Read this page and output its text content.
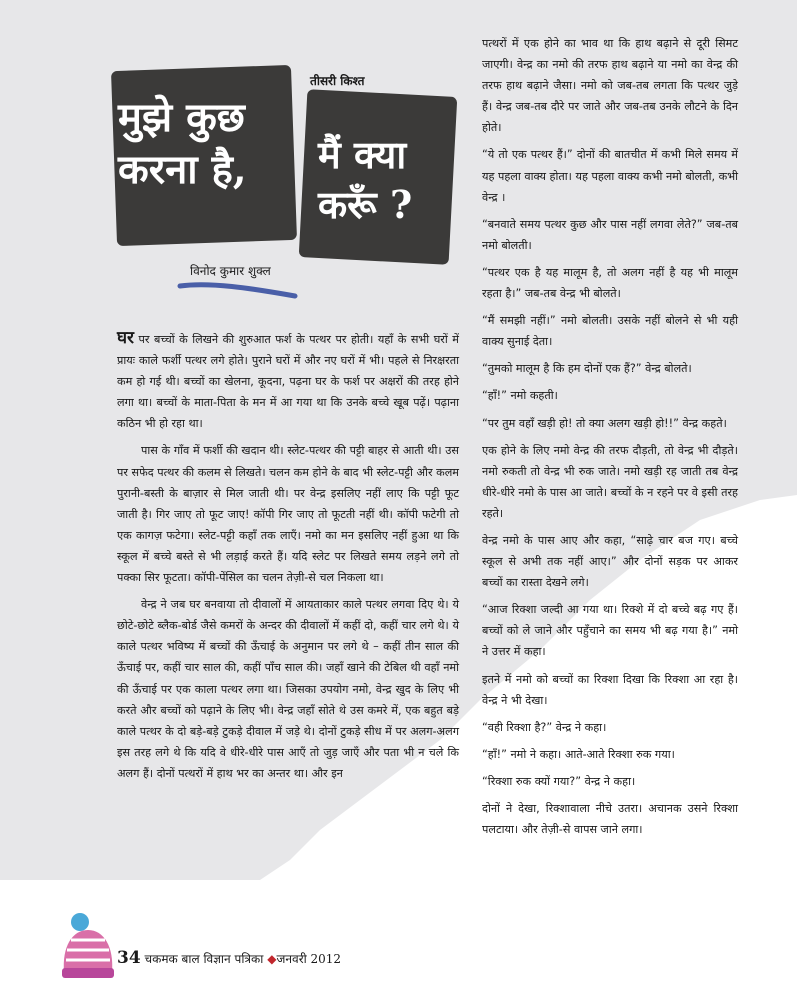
मुझे कुछ
करना है,	मैं क्या
करूँ ?
तीसरी किश्त
विनोद कुमार शुक्ल

घर पर बच्चों के लिखने की शुरुआत फर्श के पत्थर पर होती। यहाँ के सभी घरों में प्रायः काले फर्शी पत्थर लगे होते। पुराने घरों में और नए घरों में भी। पहले से निरक्षरता कम हो गई थी। बच्चों का खेलना, कूदना, पढ़ना घर के फर्श पर अक्षरों की तरह होने लगा था। बच्चों के माता-पिता के मन में आ गया था कि उनके बच्चे खूब पढ़ें। पढ़ाना कठिन भी हो रहा था।

पास के गाँव में फर्शी की खदान थी। स्लेट-पत्थर की पट्टी बाहर से आती थी। उस पर सफेद पत्थर की कलम से लिखते। चलन कम होने के बाद भी स्लेट-पट्टी और कलम पुरानी-बस्ती के बाज़ार से मिल जाती थी। पर वेन्द्र इसलिए नहीं लाए कि पट्टी फूट जाती है। गिर जाए तो फूट जाए! कॉपी गिर जाए तो फूटती नहीं थी। कॉपी फटेगी तो एक कागज़ फटेगा। स्लेट-पट्टी कहाँ तक लाएँ। नमो का मन इसलिए नहीं हुआ था कि स्कूल में बच्चे बस्ते से भी लड़ाई करते हैं। यदि स्लेट पर लिखते समय लड़ने लगे तो पक्का सिर फूटता। कॉपी-पेंसिल का चलन तेज़ी-से चल निकला था।

वेन्द्र ने जब घर बनवाया तो दीवालों में आयताकार काले पत्थर लगवा दिए थे। ये छोटे-छोटे ब्लैक-बोर्ड जैसे कमरों के अन्दर की दीवालों में कहीं दो, कहीं चार लगे थे। ये काले पत्थर भविष्य में बच्चों की ऊँचाई के अनुमान पर लगे थे – कहीं तीन साल की ऊँचाई पर, कहीं चार साल की, कहीं पाँच साल की। जहाँ खाने की टेबिल थी वहाँ नमो की ऊँचाई पर एक काला पत्थर लगा था। जिसका उपयोग नमो, वेन्द्र खुद के लिए भी करते और बच्चों को पढ़ाने के लिए भी। वेन्द्र जहाँ सोते थे उस कमरे में, एक बहुत बड़े काले पत्थर के दो बड़े-बड़े टुकड़े दीवाल में जड़े थे। दोनों टुकड़े सीध में पर अलग-अलग इस तरह लगे थे कि यदि वे धीरे-धीरे पास आएँ तो जुड़ जाएँ और पता भी न चले कि अलग हैं। दोनों पत्थरों में हाथ भर का अन्तर था। और इन

पत्थरों में एक होने का भाव था कि हाथ बढ़ाने से दूरी सिमट जाएगी। वेन्द्र का नमो की तरफ हाथ बढ़ाने या नमो का वेन्द्र की तरफ हाथ बढ़ाने जैसा। नमो को जब-तब लगता कि पत्थर जुड़े हैं। वेन्द्र जब-तब दौरे पर जाते और जब-तब उनके लौटने के दिन होते।

“ये तो एक पत्थर हैं।” दोनों की बातचीत में कभी मिले समय में यह पहला वाक्य होता। यह पहला वाक्य कभी नमो बोलती, कभी वेन्द्र ।

“बनवाते समय पत्थर कुछ और पास नहीं लगवा लेते?” जब-तब नमो बोलती।

“पत्थर एक है यह मालूम है, तो अलग नहीं है यह भी मालूम रहता है।” जब-तब वेन्द्र भी बोलते।

“मैं समझी नहीं।” नमो बोलती। उसके नहीं बोलने से भी यही वाक्य सुनाई देता।

“तुमको मालूम है कि हम दोनों एक हैं?” वेन्द्र बोलते।

“हाँ!” नमो कहती।

“पर तुम वहाँ खड़ी हो! तो क्या अलग खड़ी हो!!” वेन्द्र कहते।

एक होने के लिए नमो वेन्द्र की तरफ दौड़ती, तो वेन्द्र भी दौड़ते। नमो रुकती तो वेन्द्र भी रुक जाते। नमो खड़ी रह जाती तब वेन्द्र धीरे-धीरे नमो के पास आ जाते। बच्चों के न रहने पर वे इसी तरह रहते।

वेन्द्र नमो के पास आए और कहा, “साढ़े चार बज गए। बच्चे स्कूल से अभी तक नहीं आए।” और दोनों सड़क पर आकर बच्चों का रास्ता देखने लगे।

“आज रिक्शा जल्दी आ गया था। रिक्शे में दो बच्चे बढ़ गए हैं। बच्चों को ले जाने और पहुँचाने का समय भी बढ़ गया है।” नमो ने उत्तर में कहा।

इतने में नमो को बच्चों का रिक्शा दिखा कि रिक्शा आ रहा है। वेन्द्र ने भी देखा।

“वही रिक्शा है?” वेन्द्र ने कहा।

“हाँ!” नमो ने कहा। आते-आते रिक्शा रुक गया।

“रिक्शा रुक क्यों गया?” वेन्द्र ने कहा।

दोनों ने देखा, रिक्शावाला नीचे उतरा। अचानक उसने रिक्शा पलटाया। और तेज़ी-से वापस जाने लगा।

34 चकमक बाल विज्ञान पत्रिका ◆जनवरी 2012
